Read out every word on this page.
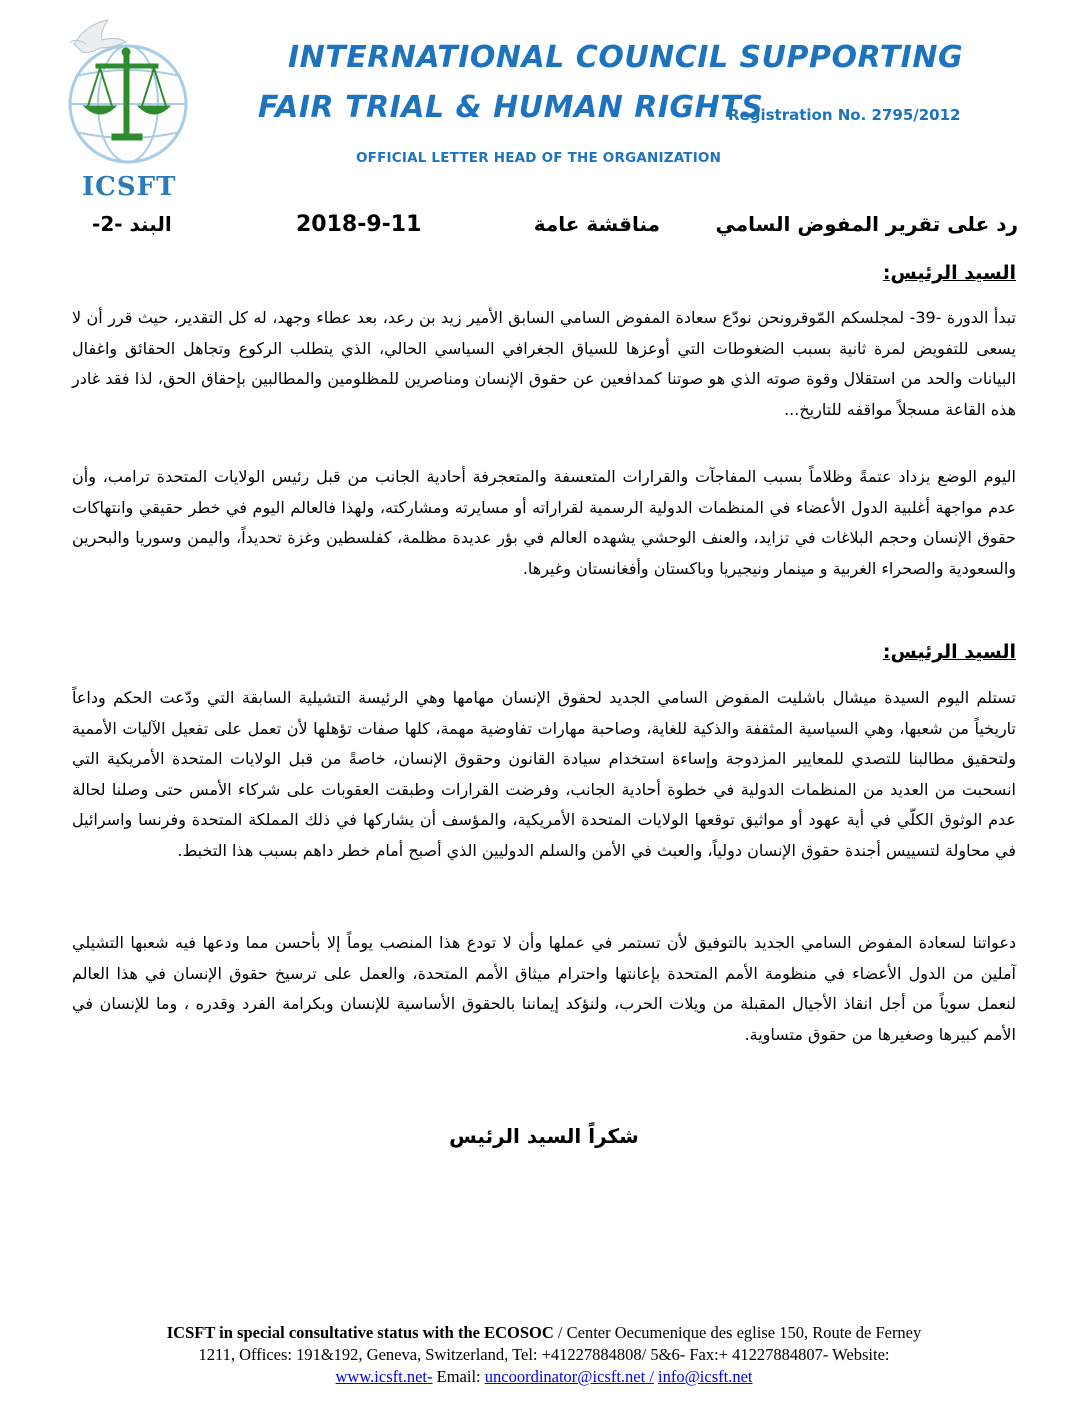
ICSFT
INTERNATIONAL COUNCIL SUPPORTING
FAIR TRIAL & HUMAN RIGHTS
Registration No. 2795/2012
OFFICIAL LETTER HEAD OF THE ORGANIZATION
رد على تقرير المفوض السامي
مناقشة عامة
2018-9-11
البند -2-
السيد الرئيس:
تبدأ الدورة -39- لمجلسكم المّوقرونحن نودّع سعادة المفوض السامي السابق الأمير زيد بن رعد، بعد عطاء وجهد، له كل التقدير، حيث قرر أن لا يسعى للتفويض لمرة ثانية بسبب الضغوطات التي أوعزها للسياق الجغرافي السياسي الحالي، الذي يتطلب الركوع وتجاهل الحقائق واغفال البيانات والحد من استقلال وقوة صوته الذي هو صوتنا كمدافعين عن حقوق الإنسان ومناصرين للمظلومين والمطالبين بإحقاق الحق، لذا فقد غادر هذه القاعة مسجلاً مواقفه للتاريخ...
اليوم الوضع يزداد عتمةً وظلاماً بسبب المفاجآت والقرارات المتعسفة والمتعجرفة أحادية الجانب من قبل رئيس الولايات المتحدة ترامب، وأن عدم مواجهة أغلبية الدول الأعضاء في المنظمات الدولية الرسمية لقراراته أو مسايرته ومشاركته، ولهذا فالعالم اليوم في خطر حقيقي وانتهاكات حقوق الإنسان وحجم البلاغات في تزايد، والعنف الوحشي يشهده العالم في بؤر عديدة مظلمة، كفلسطين وغزة تحديداً، واليمن وسوريا والبحرين والسعودية والصحراء الغربية و مينمار ونيجيريا وباكستان وأفغانستان وغيرها.
السيد الرئيس:
تستلم اليوم السيدة ميشال باشليت المفوض السامي الجديد لحقوق الإنسان مهامها وهي الرئيسة التشيلية السابقة التي ودّعت الحكم وداعاً تاريخياً من شعبها، وهي السياسية المثقفة والذكية للغاية، وصاحبة مهارات تفاوضية مهمة، كلها صفات تؤهلها لأن تعمل على تفعيل الآليات الأممية ولتحقيق مطالبنا للتصدي للمعايير المزدوجة وإساءة استخدام سيادة القانون وحقوق الإنسان، خاصةً من قبل الولايات المتحدة الأمريكية التي انسحبت من العديد من المنظمات الدولية في خطوة أحادية الجانب، وفرضت القرارات وطبقت العقوبات على شركاء الأمس حتى وصلنا لحالة عدم الوثوق الكلّي في أية عهود أو مواثيق توقعها الولايات المتحدة الأمريكية، والمؤسف أن يشاركها في ذلك المملكة المتحدة وفرنسا واسرائيل في محاولة لتسييس أجندة حقوق الإنسان دولياً، والعبث في الأمن والسلم الدوليين الذي أصبح أمام خطر داهم بسبب هذا التخبط.
دعواتنا لسعادة المفوض السامي الجديد بالتوفيق لأن تستمر في عملها وأن لا تودع هذا المنصب يوماً إلا بأحسن مما ودعها فيه شعبها التشيلي آملين من الدول الأعضاء في منظومة الأمم المتحدة بإعانتها واحترام ميثاق الأمم المتحدة، والعمل على ترسيخ حقوق الإنسان في هذا العالم لنعمل سوياً من أجل انقاذ الأجيال المقبلة من ويلات الحرب، ولنؤكد إيماننا بالحقوق الأساسية للإنسان وبكرامة الفرد وقدره ، وما للإنسان في الأمم كبيرها وصغيرها من حقوق متساوية.
شكراً السيد الرئيس
ICSFT in special consultative status with the ECOSOC / Center Oecumenique des eglise 150, Route de Ferney
1211, Offices: 191&192, Geneva, Switzerland, Tel: +41227884808/ 5&6- Fax:+ 41227884807- Website:
www.icsft.net- Email: uncoordinator@icsft.net / info@icsft.net
